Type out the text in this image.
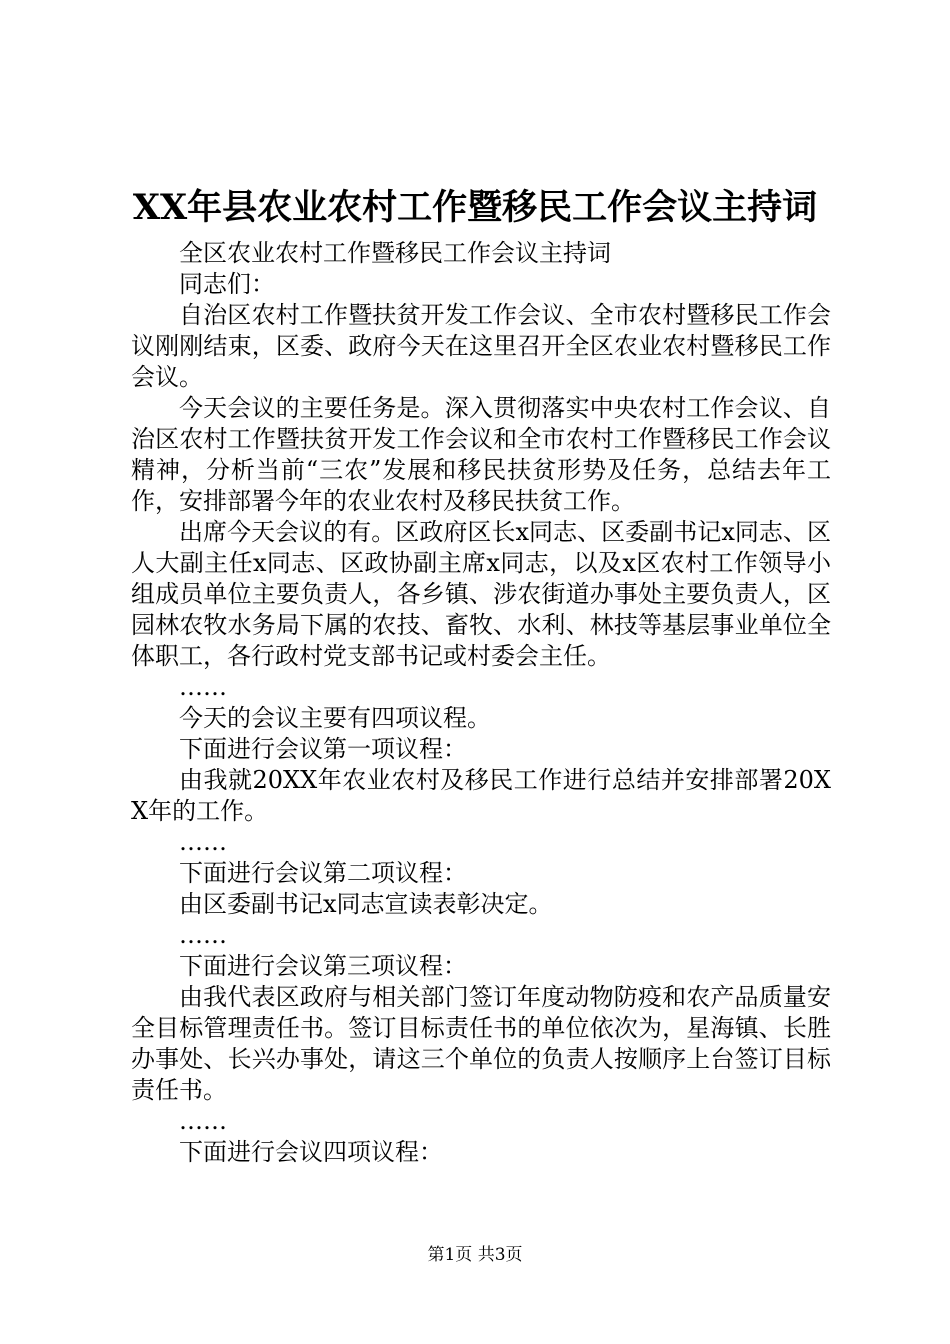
XX年县农业农村工作暨移民工作会议主持词

全区农业农村工作暨移民工作会议主持词

同志们：

自治区农村工作暨扶贫开发工作会议、全市农村暨移民工作会议刚刚结束，区委、政府今天在这里召开全区农业农村暨移民工作会议。

今天会议的主要任务是。深入贯彻落实中央农村工作会议、自治区农村工作暨扶贫开发工作会议和全市农村工作暨移民工作会议精神，分析当前“三农”发展和移民扶贫形势及任务，总结去年工作，安排部署今年的农业农村及移民扶贫工作。

出席今天会议的有。区政府区长x同志、区委副书记x同志、区人大副主任x同志、区政协副主席x同志，以及x区农村工作领导小组成员单位主要负责人，各乡镇、涉农街道办事处主要负责人，区园林农牧水务局下属的农技、畜牧、水利、林技等基层事业单位全体职工，各行政村党支部书记或村委会主任。

……

今天的会议主要有四项议程。

下面进行会议第一项议程：

由我就20XX年农业农村及移民工作进行总结并安排部署20XX年的工作。

……

下面进行会议第二项议程：

由区委副书记x同志宣读表彰决定。

……

下面进行会议第三项议程：

由我代表区政府与相关部门签订年度动物防疫和农产品质量安全目标管理责任书。签订目标责任书的单位依次为，星海镇、长胜办事处、长兴办事处，请这三个单位的负责人按顺序上台签订目标责任书。

……

下面进行会议四项议程：

第1页 共3页
